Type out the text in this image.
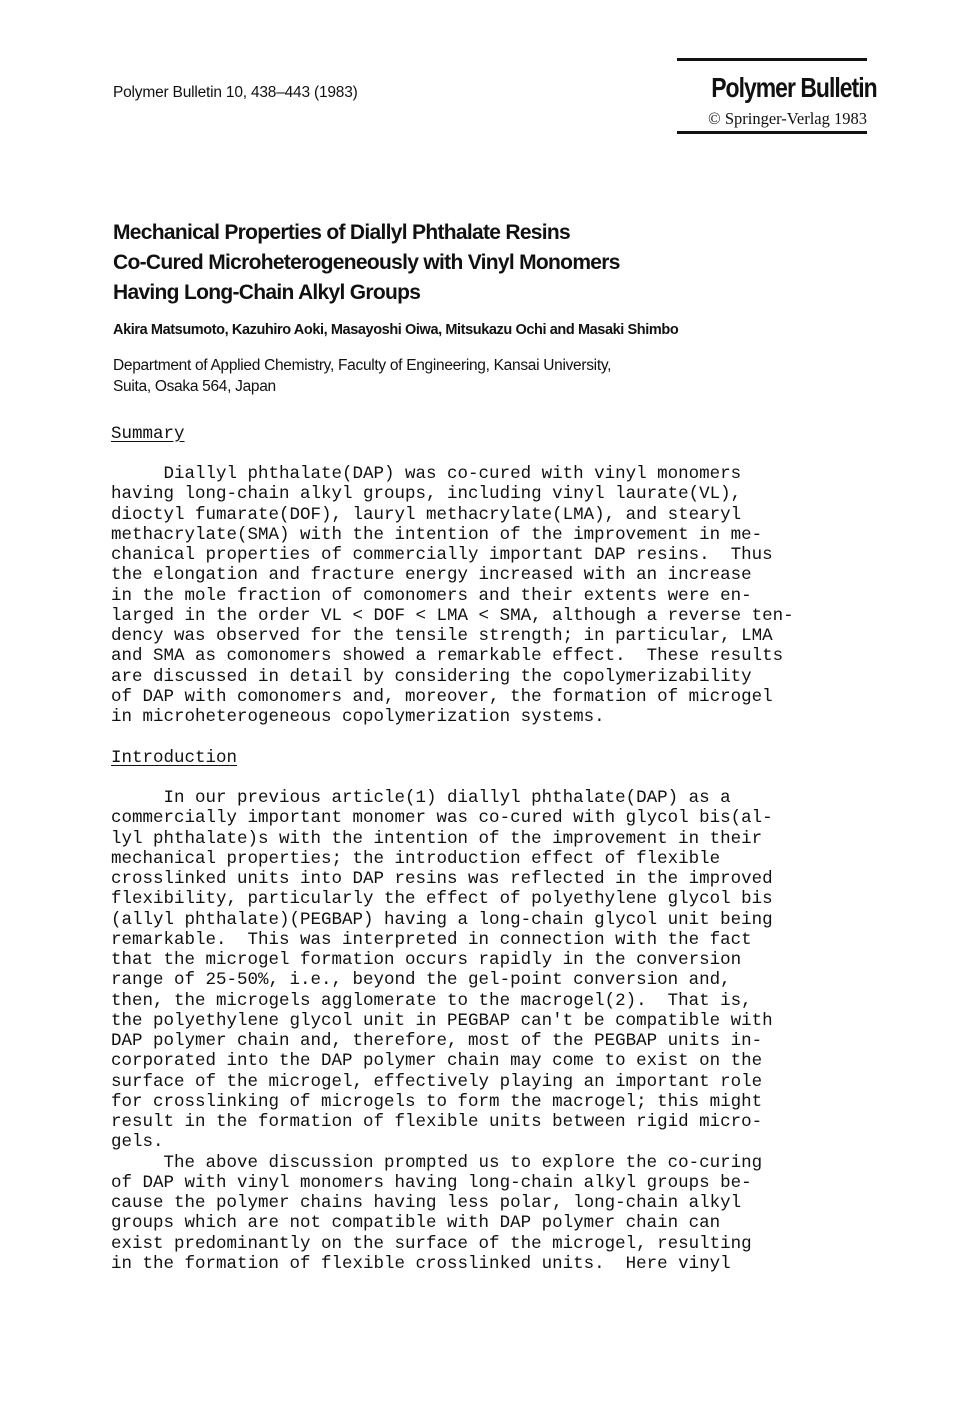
Polymer Bulletin 10, 438–443 (1983)	Polymer Bulletin
© Springer-Verlag 1983
Mechanical Properties of Diallyl Phthalate Resins
Co-Cured Microheterogeneously with Vinyl Monomers
Having Long-Chain Alkyl Groups
Akira Matsumoto, Kazuhiro Aoki, Masayoshi Oiwa, Mitsukazu Ochi and Masaki Shimbo
Department of Applied Chemistry, Faculty of Engineering, Kansai University,
Suita, Osaka 564, Japan
Summary
Diallyl phthalate(DAP) was co-cured with vinyl monomers
having long-chain alkyl groups, including vinyl laurate(VL),
dioctyl fumarate(DOF), lauryl methacrylate(LMA), and stearyl
methacrylate(SMA) with the intention of the improvement in me-
chanical properties of commercially important DAP resins.  Thus
the elongation and fracture energy increased with an increase
in the mole fraction of comonomers and their extents were en-
larged in the order VL < DOF < LMA < SMA, although a reverse ten-
dency was observed for the tensile strength; in particular, LMA
and SMA as comonomers showed a remarkable effect.  These results
are discussed in detail by considering the copolymerizability
of DAP with comonomers and, moreover, the formation of microgel
in microheterogeneous copolymerization systems.
Introduction
In our previous article(1) diallyl phthalate(DAP) as a
commercially important monomer was co-cured with glycol bis(al-
lyl phthalate)s with the intention of the improvement in their
mechanical properties; the introduction effect of flexible
crosslinked units into DAP resins was reflected in the improved
flexibility, particularly the effect of polyethylene glycol bis
(allyl phthalate)(PEGBAP) having a long-chain glycol unit being
remarkable.  This was interpreted in connection with the fact
that the microgel formation occurs rapidly in the conversion
range of 25-50%, i.e., beyond the gel-point conversion and,
then, the microgels agglomerate to the macrogel(2).  That is,
the polyethylene glycol unit in PEGBAP can't be compatible with
DAP polymer chain and, therefore, most of the PEGBAP units in-
corporated into the DAP polymer chain may come to exist on the
surface of the microgel, effectively playing an important role
for crosslinking of microgels to form the macrogel; this might
result in the formation of flexible units between rigid micro-
gels.
The above discussion prompted us to explore the co-curing
of DAP with vinyl monomers having long-chain alkyl groups be-
cause the polymer chains having less polar, long-chain alkyl
groups which are not compatible with DAP polymer chain can
exist predominantly on the surface of the microgel, resulting
in the formation of flexible crosslinked units.  Here vinyl
